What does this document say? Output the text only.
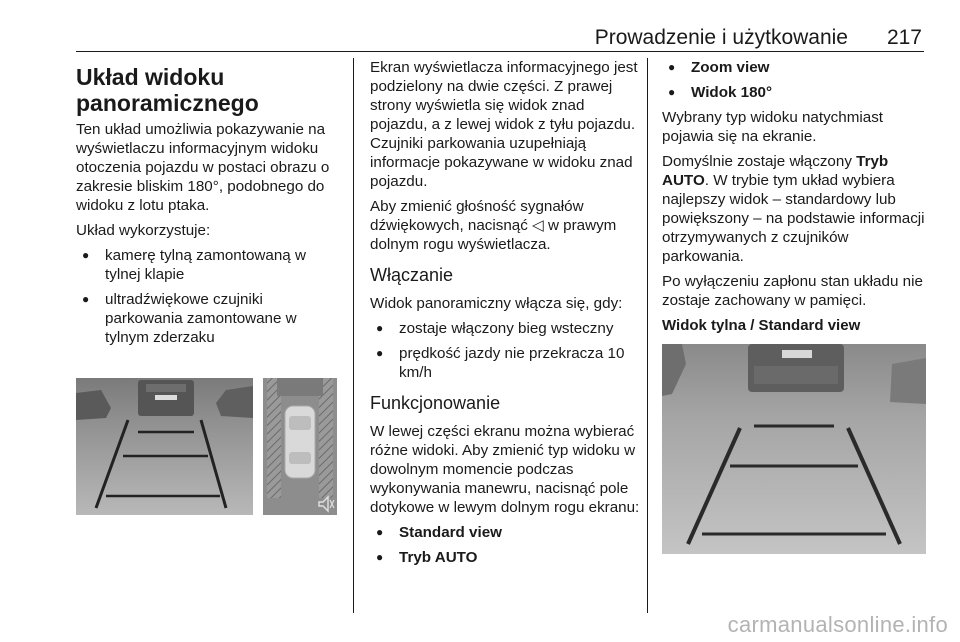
Prowadzenie i użytkowanie 217
Układ widoku panoramicznego

Ten układ umożliwia pokazywanie na wyświetlaczu informacyjnym widoku otoczenia pojazdu w postaci obrazu o zakresie bliskim 180°, podobnego do widoku z lotu ptaka.

Układ wykorzystuje:

● kamerę tylną zamontowaną w tylnej klapie
● ultradźwiękowe czujniki parkowania zamontowane w tylnym zderzaku

Ekran wyświetlacza informacyjnego jest podzielony na dwie części. Z prawej strony wyświetla się widok znad pojazdu, a z lewej widok z tyłu pojazdu. Czujniki parkowania uzupełniają informacje pokazywane w widoku znad pojazdu.

Aby zmienić głośność sygnałów dźwiękowych, nacisnąć ◁ w prawym dolnym rogu wyświetlacza.

Włączanie

Widok panoramiczny włącza się, gdy:

● zostaje włączony bieg wsteczny
● prędkość jazdy nie przekracza 10 km/h
Funkcjonowanie

W lewej części ekranu można wybierać różne widoki. Aby zmienić typ widoku w dowolnym momencie podczas wykonywania manewru, nacisnąć pole dotykowe w lewym dolnym rogu ekranu:

● Standard view
● Tryb AUTO
● Zoom view
● Widok 180°

Wybrany typ widoku natychmiast pojawia się na ekranie.

Domyślnie zostaje włączony Tryb AUTO. W trybie tym układ wybiera najlepszy widok – standardowy lub powiększony – na podstawie informacji otrzymywanych z czujników parkowania.

Po wyłączeniu zapłonu stan układu nie zostaje zachowany w pamięci.

Widok tylna / Standard view
carmanualsonline.info
